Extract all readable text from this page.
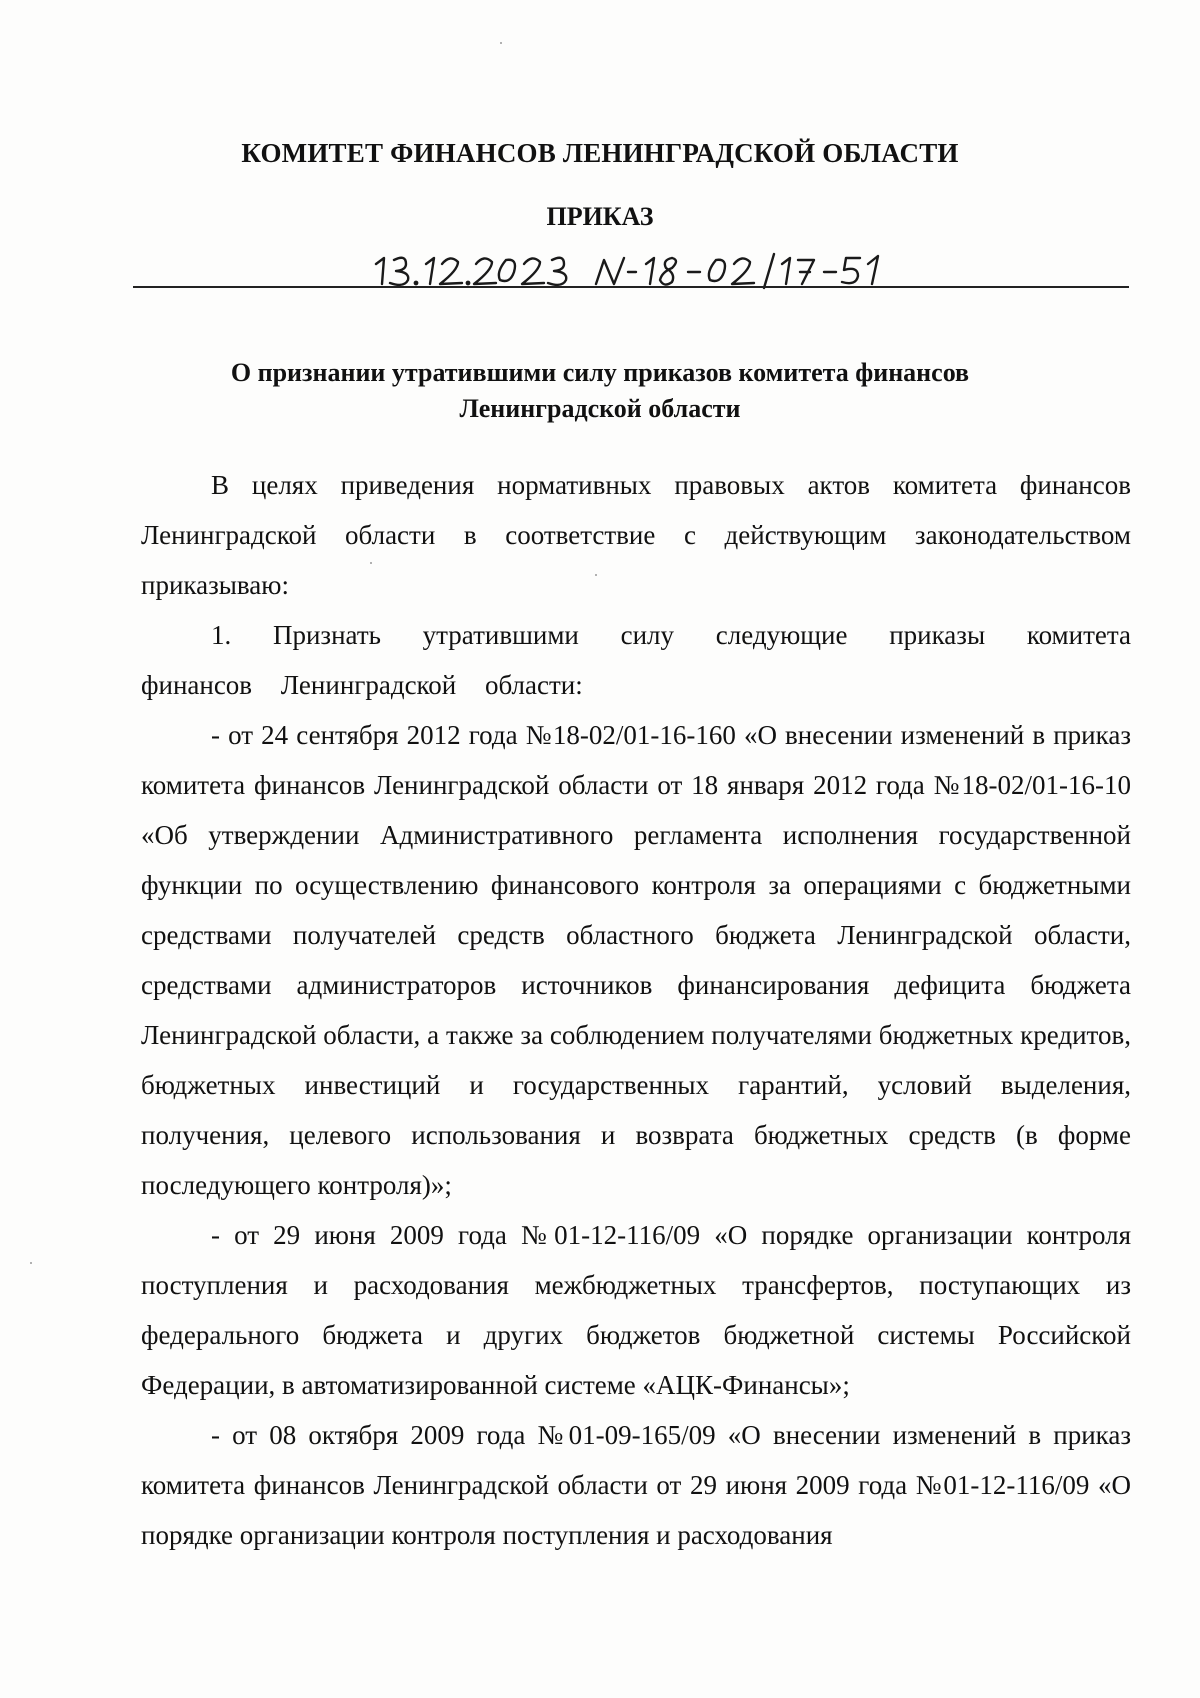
КОМИТЕТ ФИНАНСОВ ЛЕНИНГРАДСКОЙ ОБЛАСТИ
ПРИКАЗ
О признании утратившими силу приказов комитета финансов
Ленинградской области

В целях приведения нормативных правовых актов комитета финансов Ленинградской области в соответствие с действующим законодательством приказываю:

1. Признать утратившими силу следующие приказы комитета финансов Ленинградской области:

- от 24 сентября 2012 года №18-02/01-16-160 «О внесении изменений в приказ комитета финансов Ленинградской области от 18 января 2012 года №18-02/01-16-10 «Об утверждении Административного регламента исполнения государственной функции по осуществлению финансового контроля за операциями с бюджетными средствами получателей средств областного бюджета Ленинградской области, средствами администраторов источников финансирования дефицита бюджета Ленинградской области, а также за соблюдением получателями бюджетных кредитов, бюджетных инвестиций и государственных гарантий, условий выделения, получения, целевого использования и возврата бюджетных средств (в форме последующего контроля)»;

- от 29 июня 2009 года №01-12-116/09 «О порядке организации контроля поступления и расходования межбюджетных трансфертов, поступающих из федерального бюджета и других бюджетов бюджетной системы Российской Федерации, в автоматизированной системе «АЦК-Финансы»;

- от 08 октября 2009 года №01-09-165/09 «О внесении изменений в приказ комитета финансов Ленинградской области от 29 июня 2009 года №01-12-116/09 «О порядке организации контроля поступления и расходования
